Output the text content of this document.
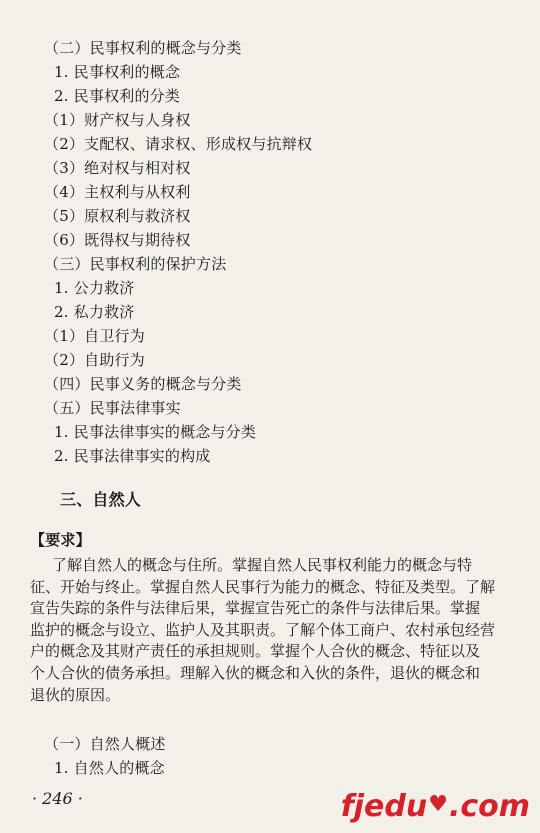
（二）民事权利的概念与分类
1. 民事权利的概念
2. 民事权利的分类
（1）财产权与人身权
（2）支配权、请求权、形成权与抗辩权
（3）绝对权与相对权
（4）主权利与从权利
（5）原权利与救济权
（6）既得权与期待权
（三）民事权利的保护方法
1. 公力救济
2. 私力救济
（1）自卫行为
（2）自助行为
（四）民事义务的概念与分类
（五）民事法律事实
1. 民事法律事实的概念与分类
2. 民事法律事实的构成
三、自然人
【要求】
了解自然人的概念与住所。掌握自然人民事权利能力的概念与特
征、开始与终止。掌握自然人民事行为能力的概念、特征及类型。了解
宣告失踪的条件与法律后果，掌握宣告死亡的条件与法律后果。掌握
监护的概念与设立、监护人及其职责。了解个体工商户、农村承包经营
户的概念及其财产责任的承担规则。掌握个人合伙的概念、特征以及
个人合伙的债务承担。理解入伙的概念和入伙的条件，退伙的概念和
退伙的原因。
（一）自然人概述
1. 自然人的概念
· 246 ·	fjedu ♥ .com
